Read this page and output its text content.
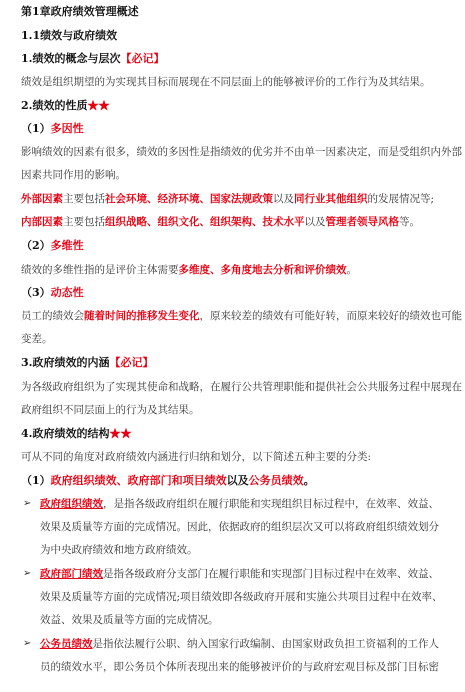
第1章政府绩效管理概述
1.1绩效与政府绩效
1.绩效的概念与层次【必记】
绩效是组织期望的为实现其目标而展现在不同层面上的能够被评价的工作行为及其结果。
2.绩效的性质★★
（1）多因性
影响绩效的因素有很多，绩效的多因性是指绩效的优劣并不由单一因素决定，而是受组织内外部
因素共同作用的影响。
外部因素主要包括社会环境、经济环境、国家法规政策以及同行业其他组织的发展情况等;
内部因素主要包括组织战略、组织文化、组织架构、技术水平以及管理者领导风格等。
（2）多维性
绩效的多维性指的是评价主体需要多维度、多角度地去分析和评价绩效。
（3）动态性
员工的绩效会随着时间的推移发生变化，原来较差的绩效有可能好转，而原来较好的绩效也可能
变差。
3.政府绩效的内涵【必记】
为各级政府组织为了实现其使命和战略，在履行公共管理职能和提供社会公共服务过程中展现在
政府组织不同层面上的行为及其结果。
4.政府绩效的结构★★
可从不同的角度对政府绩效内涵进行归纳和划分，以下简述五种主要的分类:
（1）政府组织绩效、政府部门和项目绩效以及公务员绩效。
➢ 政府组织绩效，是指各级政府组织在履行职能和实现组织目标过程中，在效率、效益、
效果及质量等方面的完成情况。因此，依据政府的组织层次又可以将政府组织绩效划分
为中央政府绩效和地方政府绩效。
➢ 政府部门绩效是指各级政府分支部门在履行职能和实现部门目标过程中在效率、效益、
效果及质量等方面的完成情况;项目绩效即各级政府开展和实施公共项目过程中在效率、
效益、效果及质量等方面的完成情况。
➢ 公务员绩效是指依法履行公职、纳入国家行政编制、由国家财政负担工资福利的工作人
员的绩效水平，即公务员个体所表现出来的能够被评价的与政府宏观目标及部门目标密
